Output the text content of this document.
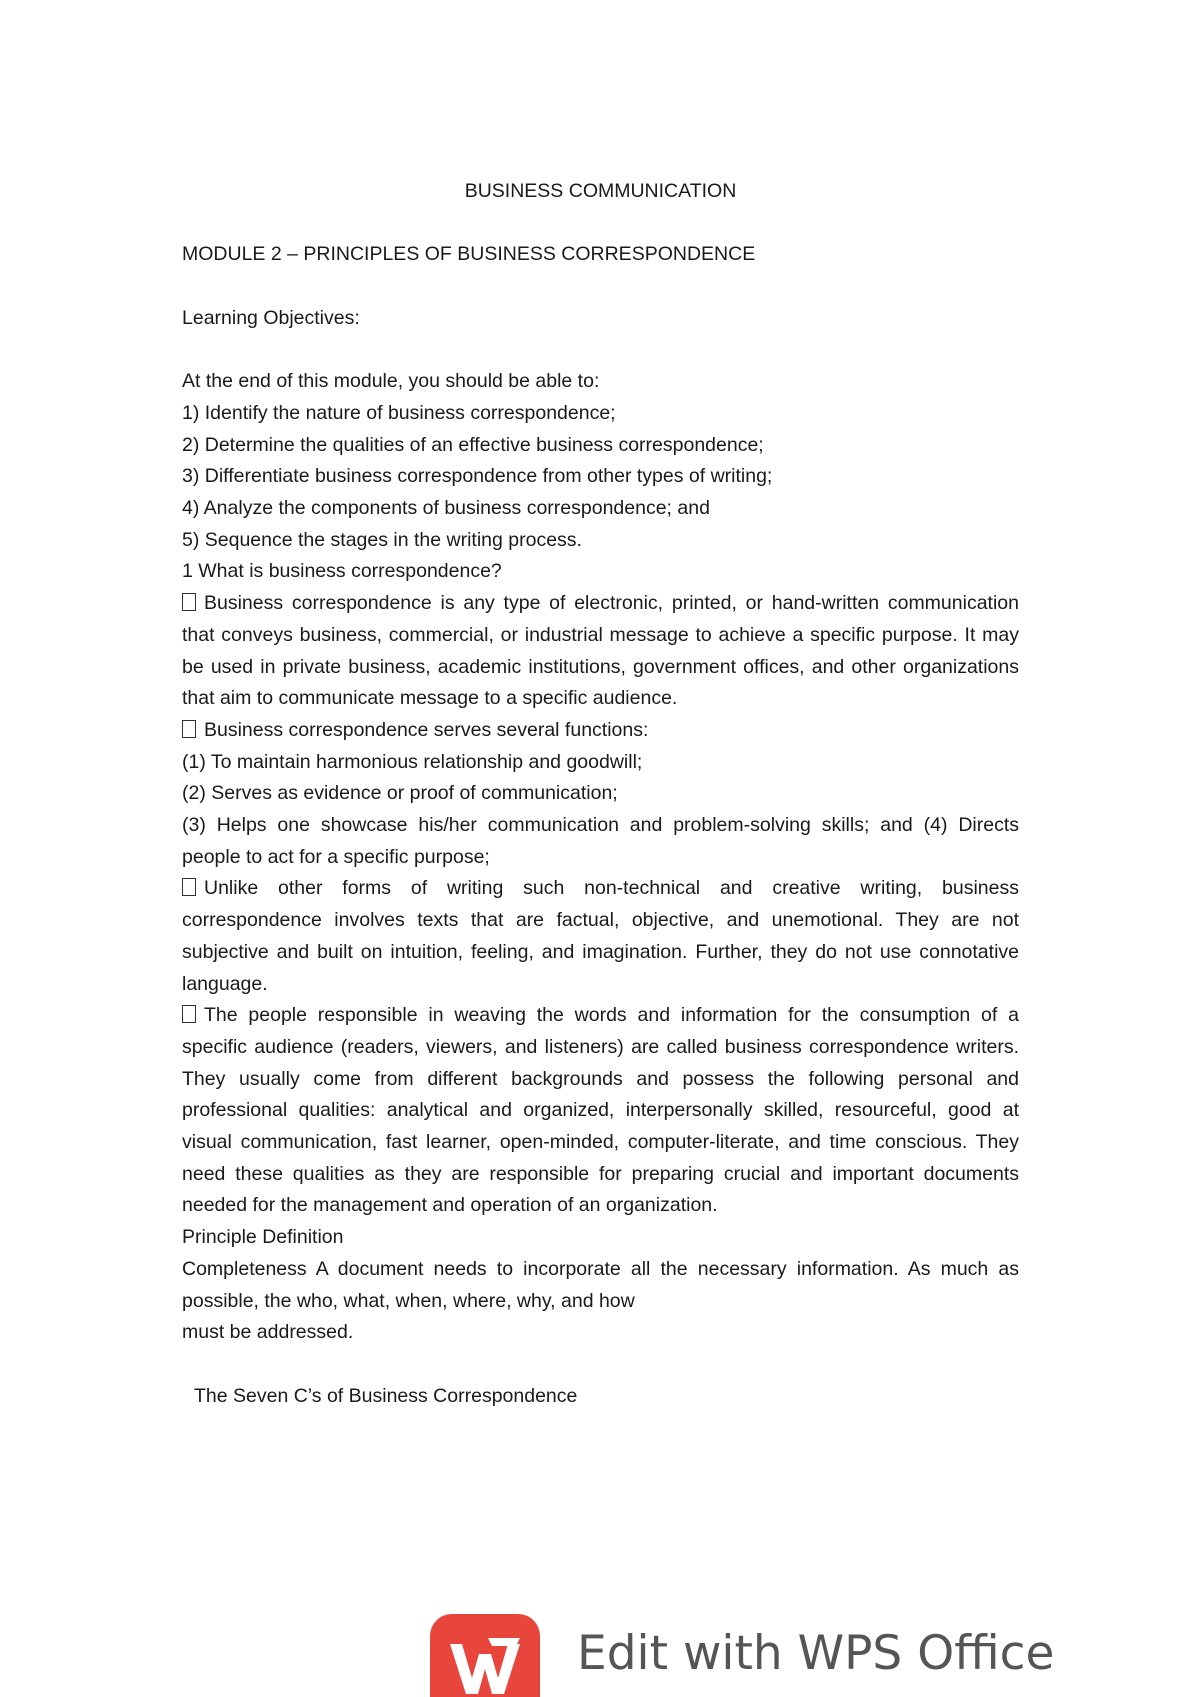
BUSINESS COMMUNICATION

MODULE 2 – PRINCIPLES OF BUSINESS CORRESPONDENCE

Learning Objectives:

At the end of this module, you should be able to:

1) Identify the nature of business correspondence;

2) Determine the qualities of an effective business correspondence;

3) Differentiate business correspondence from other types of writing;

4) Analyze the components of business correspondence; and

5) Sequence the stages in the writing process.

1 What is business correspondence?

Business correspondence is any type of electronic, printed, or hand-written communication that conveys business, commercial, or industrial message to achieve a specific purpose. It may be used in private business, academic institutions, government offices, and other organizations that aim to communicate message to a specific audience.

Business correspondence serves several functions:

(1) To maintain harmonious relationship and goodwill;

(2) Serves as evidence or proof of communication;

(3) Helps one showcase his/her communication and problem-solving skills; and (4) Directs people to act for a specific purpose;

Unlike other forms of writing such non-technical and creative writing, business correspondence involves texts that are factual, objective, and unemotional. They are not subjective and built on intuition, feeling, and imagination. Further, they do not use connotative language.

The people responsible in weaving the words and information for the consumption of a specific audience (readers, viewers, and listeners) are called business correspondence writers. They usually come from different backgrounds and possess the following personal and professional qualities: analytical and organized, interpersonally skilled, resourceful, good at visual communication, fast learner, open-minded, computer-literate, and time conscious. They need these qualities as they are responsible for preparing crucial and important documents needed for the management and operation of an organization.

Principle Definition

Completeness A document needs to incorporate all the necessary information. As much as possible, the who, what, when, where, why, and how

must be addressed.

The Seven C’s of Business Correspondence

Edit with WPS Office
